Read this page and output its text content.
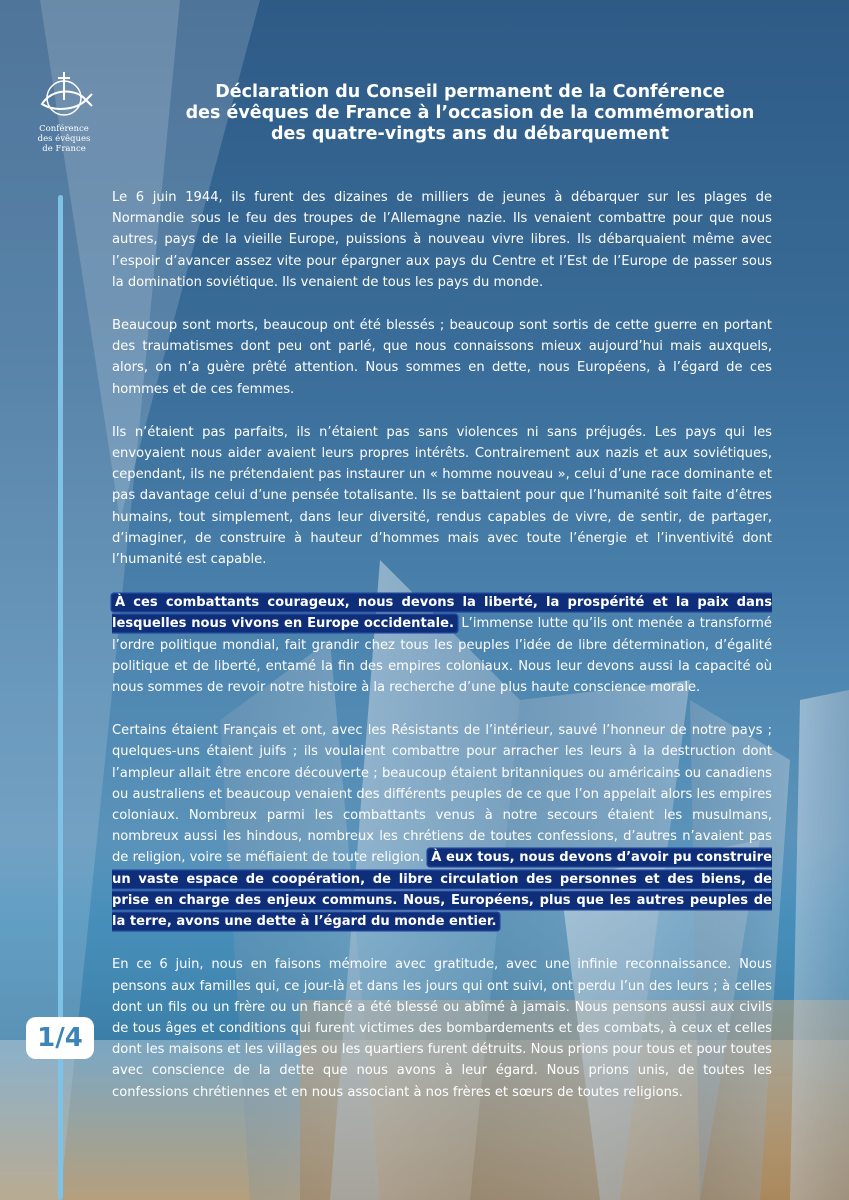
Conférence
des évêques
de France
Déclaration du Conseil permanent de la Conférence
des évêques de France à l’occasion de la commémoration
des quatre-vingts ans du débarquement

Le 6 juin 1944, ils furent des dizaines de milliers de jeunes à débarquer sur les plages de Normandie sous le feu des troupes de l’Allemagne nazie. Ils venaient combattre pour que nous autres, pays de la vieille Europe, puissions à nouveau vivre libres. Ils débarquaient même avec l’espoir d’avancer assez vite pour épargner aux pays du Centre et l’Est de l’Europe de passer sous la domination soviétique. Ils venaient de tous les pays du monde.

Beaucoup sont morts, beaucoup ont été blessés ; beaucoup sont sortis de cette guerre en portant des traumatismes dont peu ont parlé, que nous connaissons mieux aujourd’hui mais auxquels, alors, on n’a guère prêté attention. Nous sommes en dette, nous Européens, à l’égard de ces hommes et de ces femmes.

Ils n’étaient pas parfaits, ils n’étaient pas sans violences ni sans préjugés. Les pays qui les envoyaient nous aider avaient leurs propres intérêts. Contrairement aux nazis et aux soviétiques, cependant, ils ne prétendaient pas instaurer un « homme nouveau », celui d’une race dominante et pas davantage celui d’une pensée totalisante. Ils se battaient pour que l’humanité soit faite d’êtres humains, tout simplement, dans leur diversité, rendus capables de vivre, de sentir, de partager, d’imaginer, de construire à hauteur d’hommes mais avec toute l’énergie et l’inventivité dont l’humanité est capable.

À ces combattants courageux, nous devons la liberté, la prospérité et la paix dans lesquelles nous vivons en Europe occidentale. L’immense lutte qu’ils ont menée a transformé l’ordre politique mondial, fait grandir chez tous les peuples l’idée de libre détermination, d’égalité politique et de liberté, entamé la fin des empires coloniaux. Nous leur devons aussi la capacité où nous sommes de revoir notre histoire à la recherche d’une plus haute conscience morale.

Certains étaient Français et ont, avec les Résistants de l’intérieur, sauvé l’honneur de notre pays ; quelques-uns étaient juifs ; ils voulaient combattre pour arracher les leurs à la destruction dont l’ampleur allait être encore découverte ; beaucoup étaient britanniques ou américains ou canadiens ou australiens et beaucoup venaient des différents peuples de ce que l’on appelait alors les empires coloniaux. Nombreux parmi les combattants venus à notre secours étaient les musulmans, nombreux aussi les hindous, nombreux les chrétiens de toutes confessions, d’autres n’avaient pas de religion, voire se méfiaient de toute religion. À eux tous, nous devons d’avoir pu construire un vaste espace de coopération, de libre circulation des personnes et des biens, de prise en charge des enjeux communs. Nous, Européens, plus que les autres peuples de la terre, avons une dette à l’égard du monde entier.

En ce 6 juin, nous en faisons mémoire avec gratitude, avec une infinie reconnaissance. Nous pensons aux familles qui, ce jour-là et dans les jours qui ont suivi, ont perdu l’un des leurs ; à celles dont un fils ou un frère ou un fiancé a été blessé ou abîmé à jamais. Nous pensons aussi aux civils de tous âges et conditions qui furent victimes des bombardements et des combats, à ceux et celles dont les maisons et les villages ou les quartiers furent détruits. Nous prions pour tous et pour toutes avec conscience de la dette que nous avons à leur égard. Nous prions unis, de toutes les confessions chrétiennes et en nous associant à nos frères et sœurs de toutes religions.

1/4
